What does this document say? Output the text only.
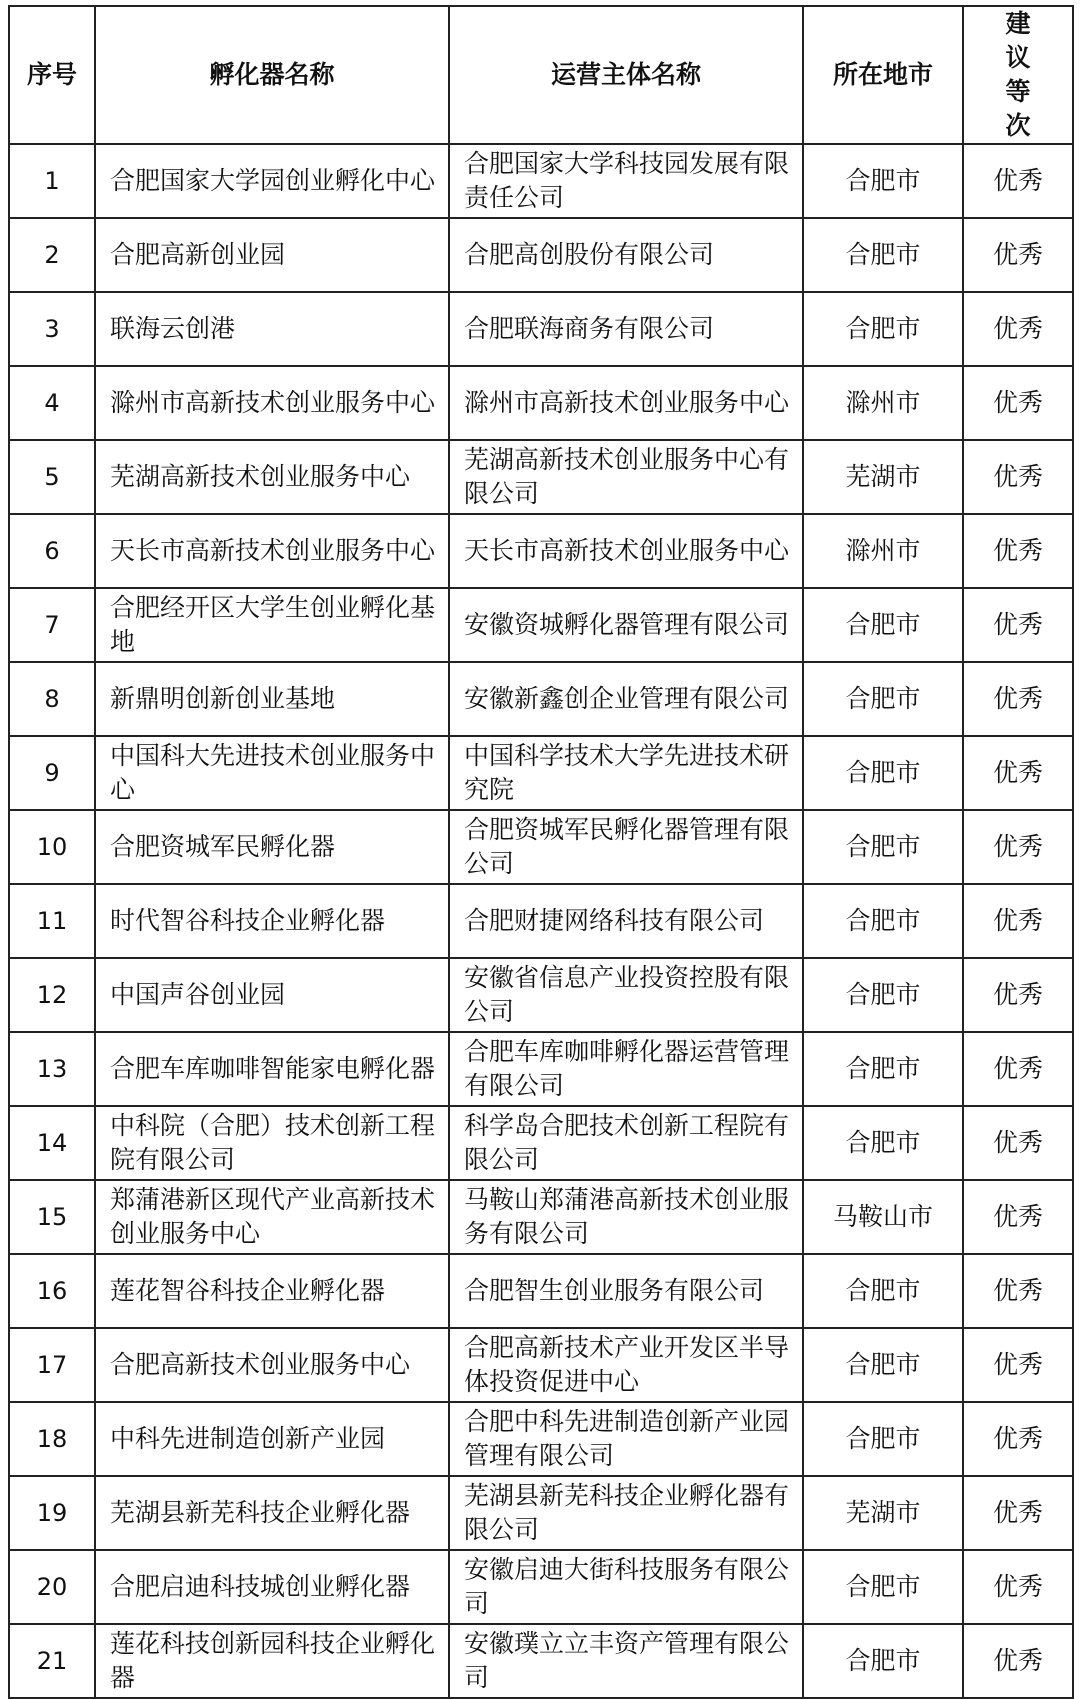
序号	孵化器名称	运营主体名称	所在地市	建议等次
1	合肥国家大学园创业孵化中心	合肥国家大学科技园发展有限责任公司	合肥市	优秀
2	合肥高新创业园	合肥高创股份有限公司	合肥市	优秀
3	联海云创港	合肥联海商务有限公司	合肥市	优秀
4	滁州市高新技术创业服务中心	滁州市高新技术创业服务中心	滁州市	优秀
5	芜湖高新技术创业服务中心	芜湖高新技术创业服务中心有限公司	芜湖市	优秀
6	天长市高新技术创业服务中心	天长市高新技术创业服务中心	滁州市	优秀
7	合肥经开区大学生创业孵化基地	安徽资城孵化器管理有限公司	合肥市	优秀
8	新鼎明创新创业基地	安徽新鑫创企业管理有限公司	合肥市	优秀
9	中国科大先进技术创业服务中心	中国科学技术大学先进技术研究院	合肥市	优秀
10	合肥资城军民孵化器	合肥资城军民孵化器管理有限公司	合肥市	优秀
11	时代智谷科技企业孵化器	合肥财捷网络科技有限公司	合肥市	优秀
12	中国声谷创业园	安徽省信息产业投资控股有限公司	合肥市	优秀
13	合肥车库咖啡智能家电孵化器	合肥车库咖啡孵化器运营管理有限公司	合肥市	优秀
14	中科院（合肥）技术创新工程院有限公司	科学岛合肥技术创新工程院有限公司	合肥市	优秀
15	郑蒲港新区现代产业高新技术创业服务中心	马鞍山郑蒲港高新技术创业服务有限公司	马鞍山市	优秀
16	莲花智谷科技企业孵化器	合肥智生创业服务有限公司	合肥市	优秀
17	合肥高新技术创业服务中心	合肥高新技术产业开发区半导体投资促进中心	合肥市	优秀
18	中科先进制造创新产业园	合肥中科先进制造创新产业园管理有限公司	合肥市	优秀
19	芜湖县新芜科技企业孵化器	芜湖县新芜科技企业孵化器有限公司	芜湖市	优秀
20	合肥启迪科技城创业孵化器	安徽启迪大街科技服务有限公司	合肥市	优秀
21	莲花科技创新园科技企业孵化器	安徽璞立立丰资产管理有限公司	合肥市	优秀
